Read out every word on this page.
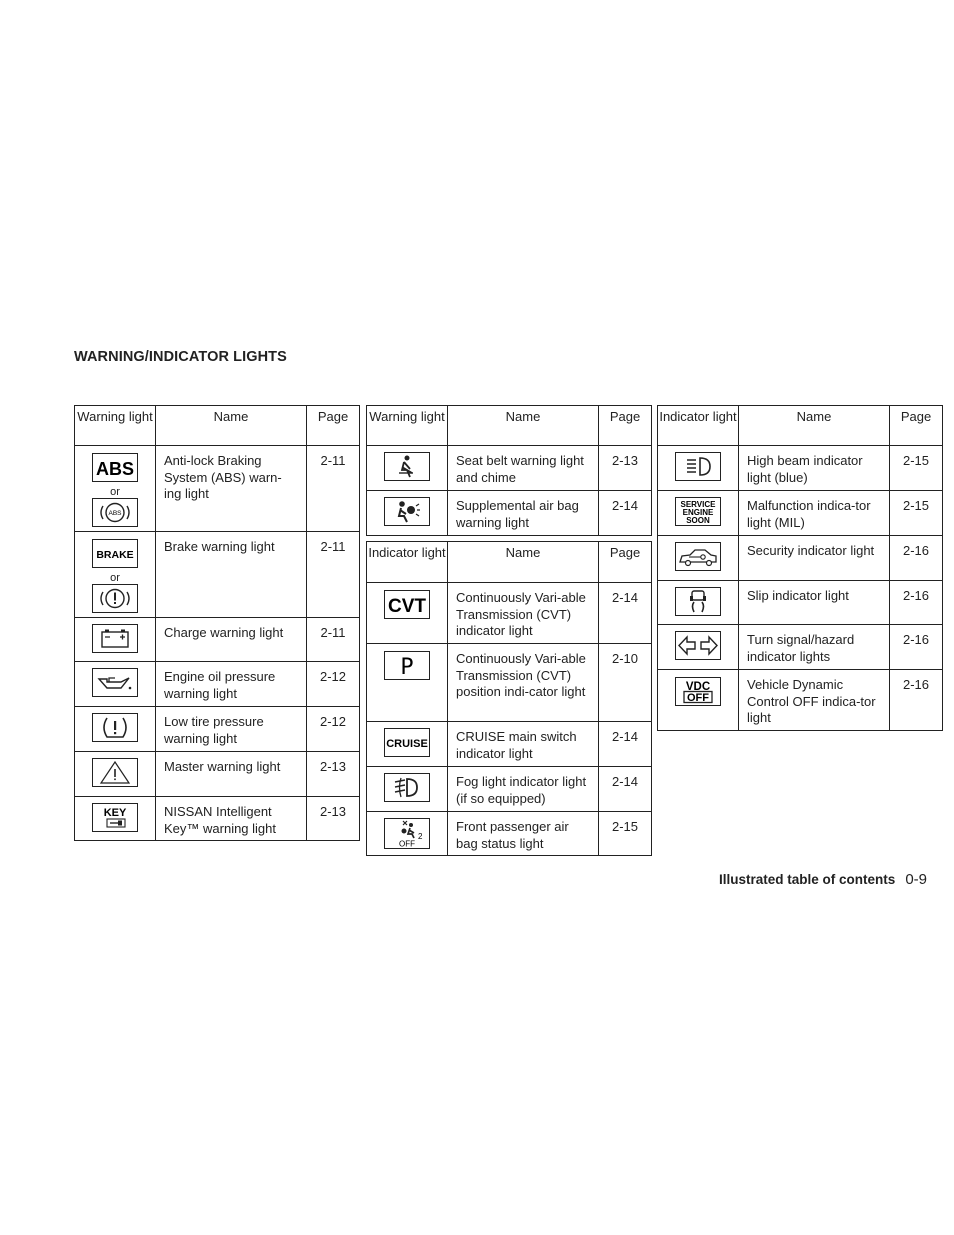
WARNING/INDICATOR LIGHTS
Warning light	Name	Page

ABS
or
ABS	Anti-lock Braking System (ABS) warn-ing light	2-11

BRAKE
or	Brake warning light	2-11

	Charge warning light	2-11

	Engine oil pressure warning light	2-12

	Low tire pressure warning light	2-12

	Master warning light	2-13

KEY	NISSAN Intelligent Key™ warning light	2-13
Warning light	Name	Page

	Seat belt warning light and chime	2-13

	Supplemental air bag warning light	2-14
Indicator light	Name	Page

CVT	Continuously Vari-able Transmission (CVT) indicator light	2-14

P	Continuously Vari-able Transmission (CVT) position indi-cator light	2-10

CRUISE	CRUISE main switch indicator light	2-14

	Fog light indicator light (if so equipped)	2-14

2
OFF	Front passenger air bag status light	2-15
Indicator light	Name	Page

	High beam indicator light (blue)	2-15

SERVICE
ENGINE
SOON	Malfunction indica-tor light (MIL)	2-15

	Security indicator light	2-16

	Slip indicator light	2-16

	Turn signal/hazard indicator lights	2-16

VDC
OFF	Vehicle Dynamic Control OFF indica-tor light	2-16
Illustrated table of contents 0-9
